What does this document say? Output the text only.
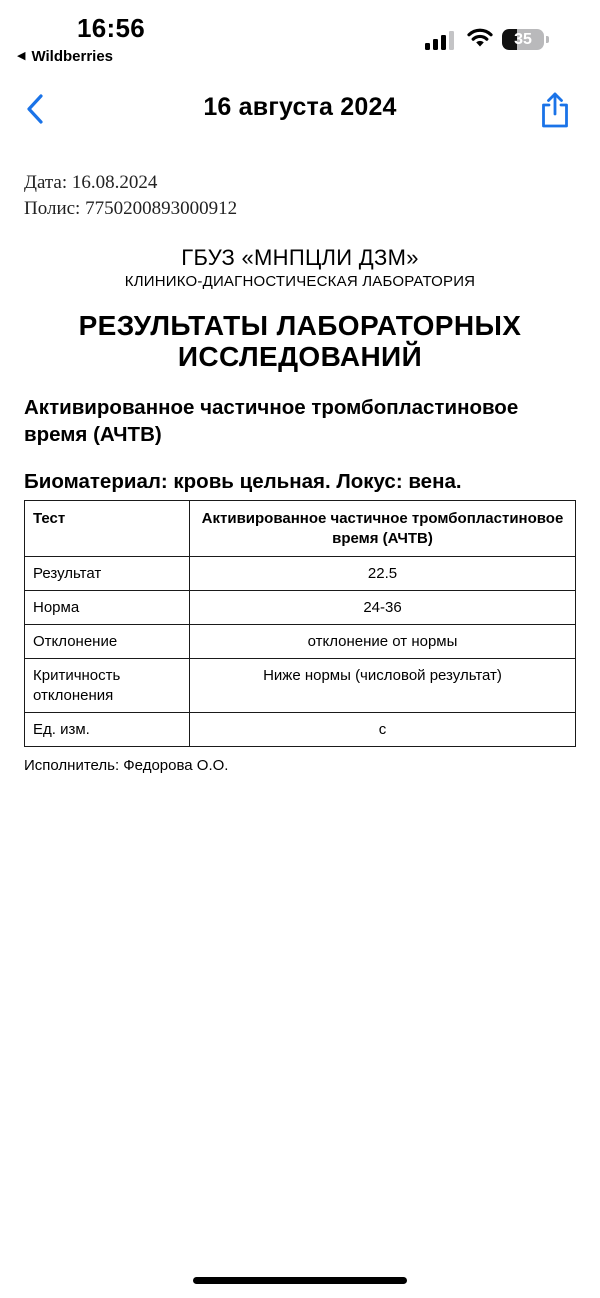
16:56
◀ Wildberries
35
16 августа 2024
Дата: 16.08.2024
Полис: 7750200893000912
ГБУЗ «МНПЦЛИ ДЗМ»
КЛИНИКО-ДИАГНОСТИЧЕСКАЯ ЛАБОРАТОРИЯ
РЕЗУЛЬТАТЫ ЛАБОРАТОРНЫХ ИССЛЕДОВАНИЙ
Активированное частичное тромбопластиновое время (АЧТВ)
Биоматериал: кровь цельная. Локус: вена.
Тест	Активированное частичное тромбопластиновое время (АЧТВ)
Результат	22.5
Норма	24-36
Отклонение	отклонение от нормы
Критичность отклонения	Ниже нормы (числовой результат)
Ед. изм.	с
Исполнитель: Федорова О.О.
